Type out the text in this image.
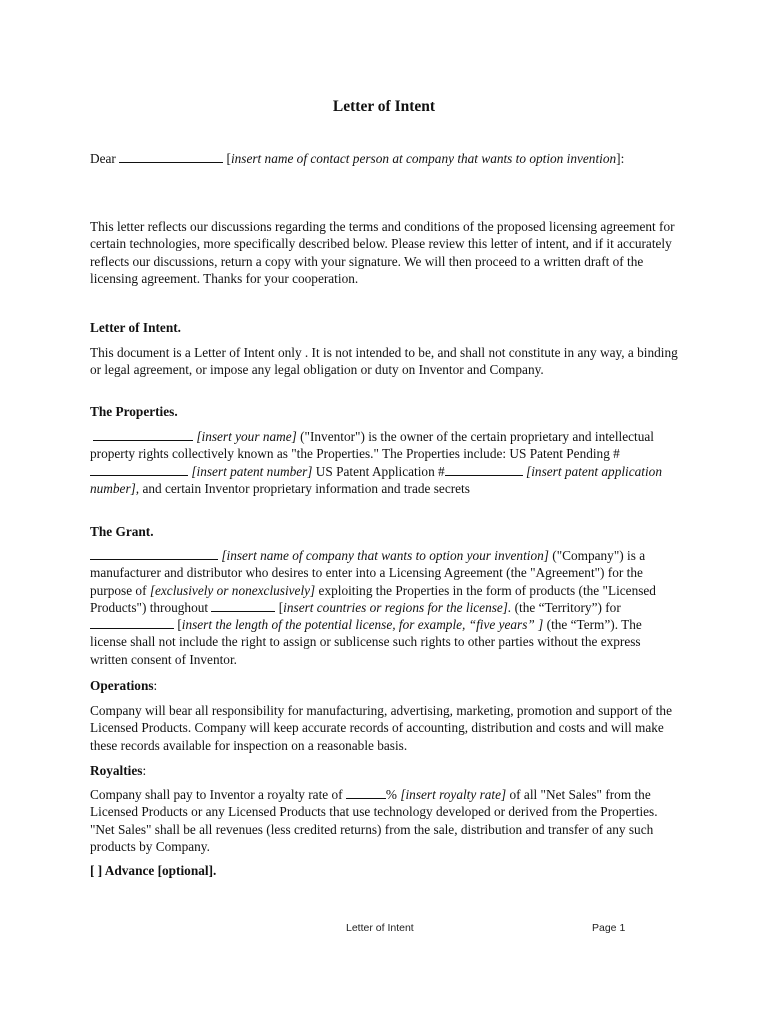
Letter of Intent

Dear	[insert name of contact person at company that wants to option invention]:

This letter reflects our discussions regarding the terms and conditions of the proposed licensing agreement for certain technologies, more specifically described below. Please review this letter of intent, and if it accurately reflects our discussions, return a copy with your signature. We will then proceed to a written draft of the licensing agreement. Thanks for your cooperation.

Letter of Intent.

This document is a Letter of Intent only . It is not intended to be, and shall not constitute in any way, a binding or legal agreement, or impose any legal obligation or duty on Inventor and Company.

The Properties.

[insert your name] ("Inventor") is the owner of the certain proprietary and intellectual property rights collectively known as "the Properties." The Properties include: US Patent Pending # [insert patent number] US Patent Application #	[insert patent application number], and certain Inventor proprietary information and trade secrets

The Grant.

[insert name of company that wants to option your invention] ("Company") is a manufacturer and distributor who desires to enter into a Licensing Agreement (the "Agreement") for the purpose of [exclusively or nonexclusively] exploiting the Properties in the form of products (the "Licensed Products") throughout	[insert countries or regions for the license]. (the “Territory”) for  [insert the length of the potential license, for example, “five years” ] (the “Term”). The license shall not include the right to assign or sublicense such rights to other parties without the express written consent of Inventor.

Operations:

Company will bear all responsibility for manufacturing, advertising, marketing, promotion and support of the Licensed Products. Company will keep accurate records of accounting, distribution and costs and will make these records available for inspection on a reasonable basis.

Royalties:

Company shall pay to Inventor a royalty rate of	% [insert royalty rate] of all "Net Sales" from the Licensed Products or any Licensed Products that use technology developed or derived from the Properties. "Net Sales" shall be all revenues (less credited returns) from the sale, distribution and transfer of any such products by Company.

[ ] Advance [optional].

Letter of Intent	Page 1
